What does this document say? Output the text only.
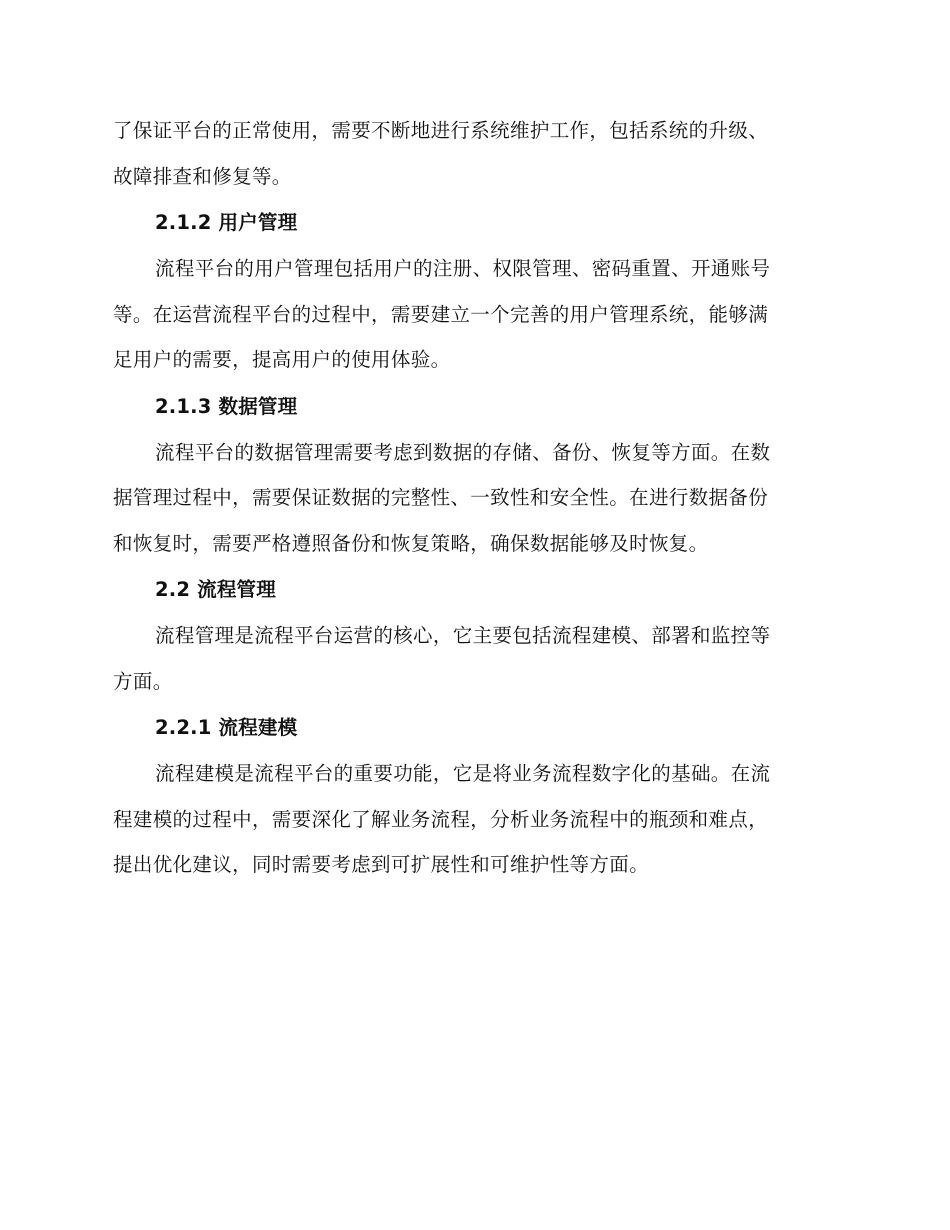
了保证平台的正常使用，需要不断地进行系统维护工作，包括系统的升级、
故障排查和修复等。

2.1.2 用户管理

流程平台的用户管理包括用户的注册、权限管理、密码重置、开通账号
等。在运营流程平台的过程中，需要建立一个完善的用户管理系统，能够满
足用户的需要，提高用户的使用体验。

2.1.3 数据管理

流程平台的数据管理需要考虑到数据的存储、备份、恢复等方面。在数
据管理过程中，需要保证数据的完整性、一致性和安全性。在进行数据备份
和恢复时，需要严格遵照备份和恢复策略，确保数据能够及时恢复。

2.2 流程管理

流程管理是流程平台运营的核心，它主要包括流程建模、部署和监控等
方面。

2.2.1 流程建模

流程建模是流程平台的重要功能，它是将业务流程数字化的基础。在流
程建模的过程中，需要深化了解业务流程，分析业务流程中的瓶颈和难点，
提出优化建议，同时需要考虑到可扩展性和可维护性等方面。
